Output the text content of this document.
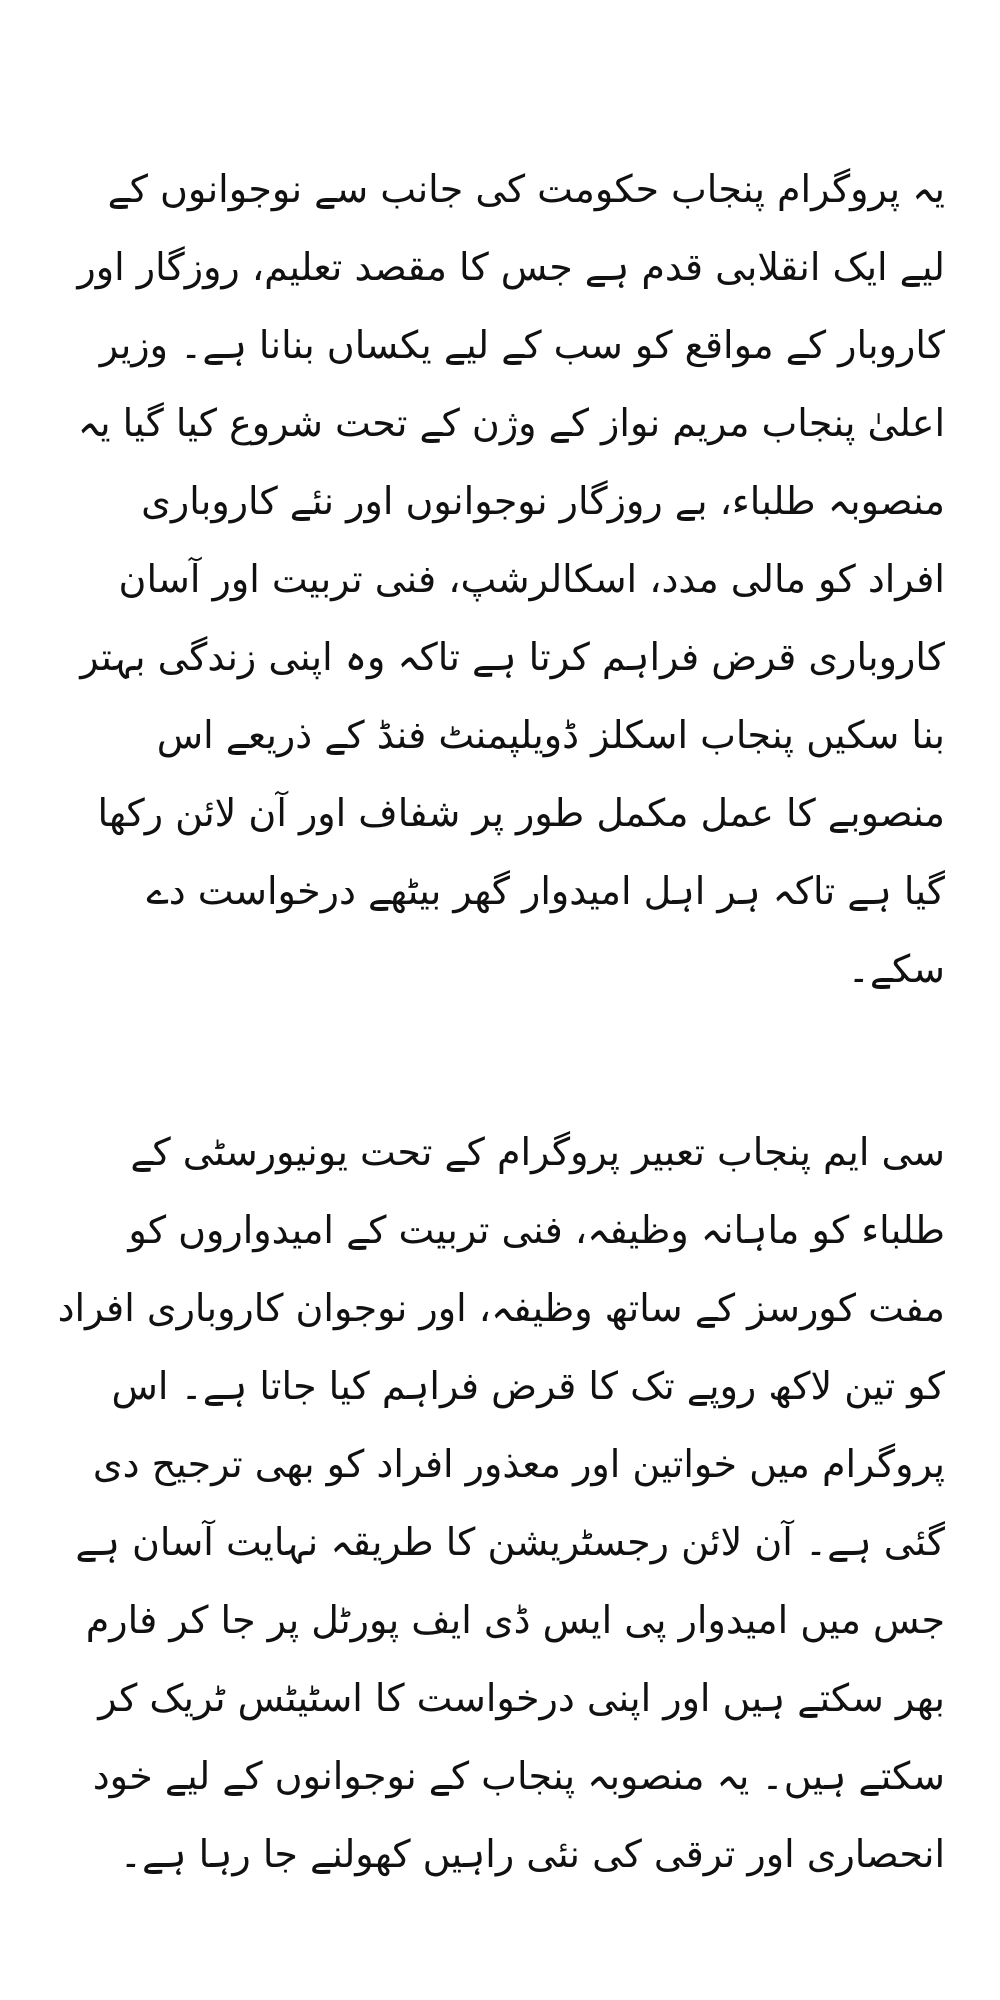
یہ پروگرام پنجاب حکومت کی جانب سے نوجوانوں کے لیے ایک انقلابی قدم ہے جس کا مقصد تعلیم، روزگار اور کاروبار کے مواقع کو سب کے لیے یکساں بنانا ہے۔ وزیر اعلیٰ پنجاب مریم نواز کے وژن کے تحت شروع کیا گیا یہ منصوبہ طلباء، بے روزگار نوجوانوں اور نئے کاروباری افراد کو مالی مدد، اسکالرشپ، فنی تربیت اور آسان کاروباری قرض فراہم کرتا ہے تاکہ وہ اپنی زندگی بہتر بنا سکیں پنجاب اسکلز ڈویلپمنٹ فنڈ کے ذریعے اس منصوبے کا عمل مکمل طور پر شفاف اور آن لائن رکھا گیا ہے تاکہ ہر اہل امیدوار گھر بیٹھے درخواست دے سکے۔

سی ایم پنجاب تعبیر پروگرام کے تحت یونیورسٹی کے طلباء کو ماہانہ وظیفہ، فنی تربیت کے امیدواروں کو مفت کورسز کے ساتھ وظیفہ، اور نوجوان کاروباری افراد کو تین لاکھ روپے تک کا قرض فراہم کیا جاتا ہے۔ اس پروگرام میں خواتین اور معذور افراد کو بھی ترجیح دی گئی ہے۔ آن لائن رجسٹریشن کا طریقہ نہایت آسان ہے جس میں امیدوار پی ایس ڈی ایف پورٹل پر جا کر فارم بھر سکتے ہیں اور اپنی درخواست کا اسٹیٹس ٹریک کر سکتے ہیں۔ یہ منصوبہ پنجاب کے نوجوانوں کے لیے خود انحصاری اور ترقی کی نئی راہیں کھولنے جا رہا ہے۔
